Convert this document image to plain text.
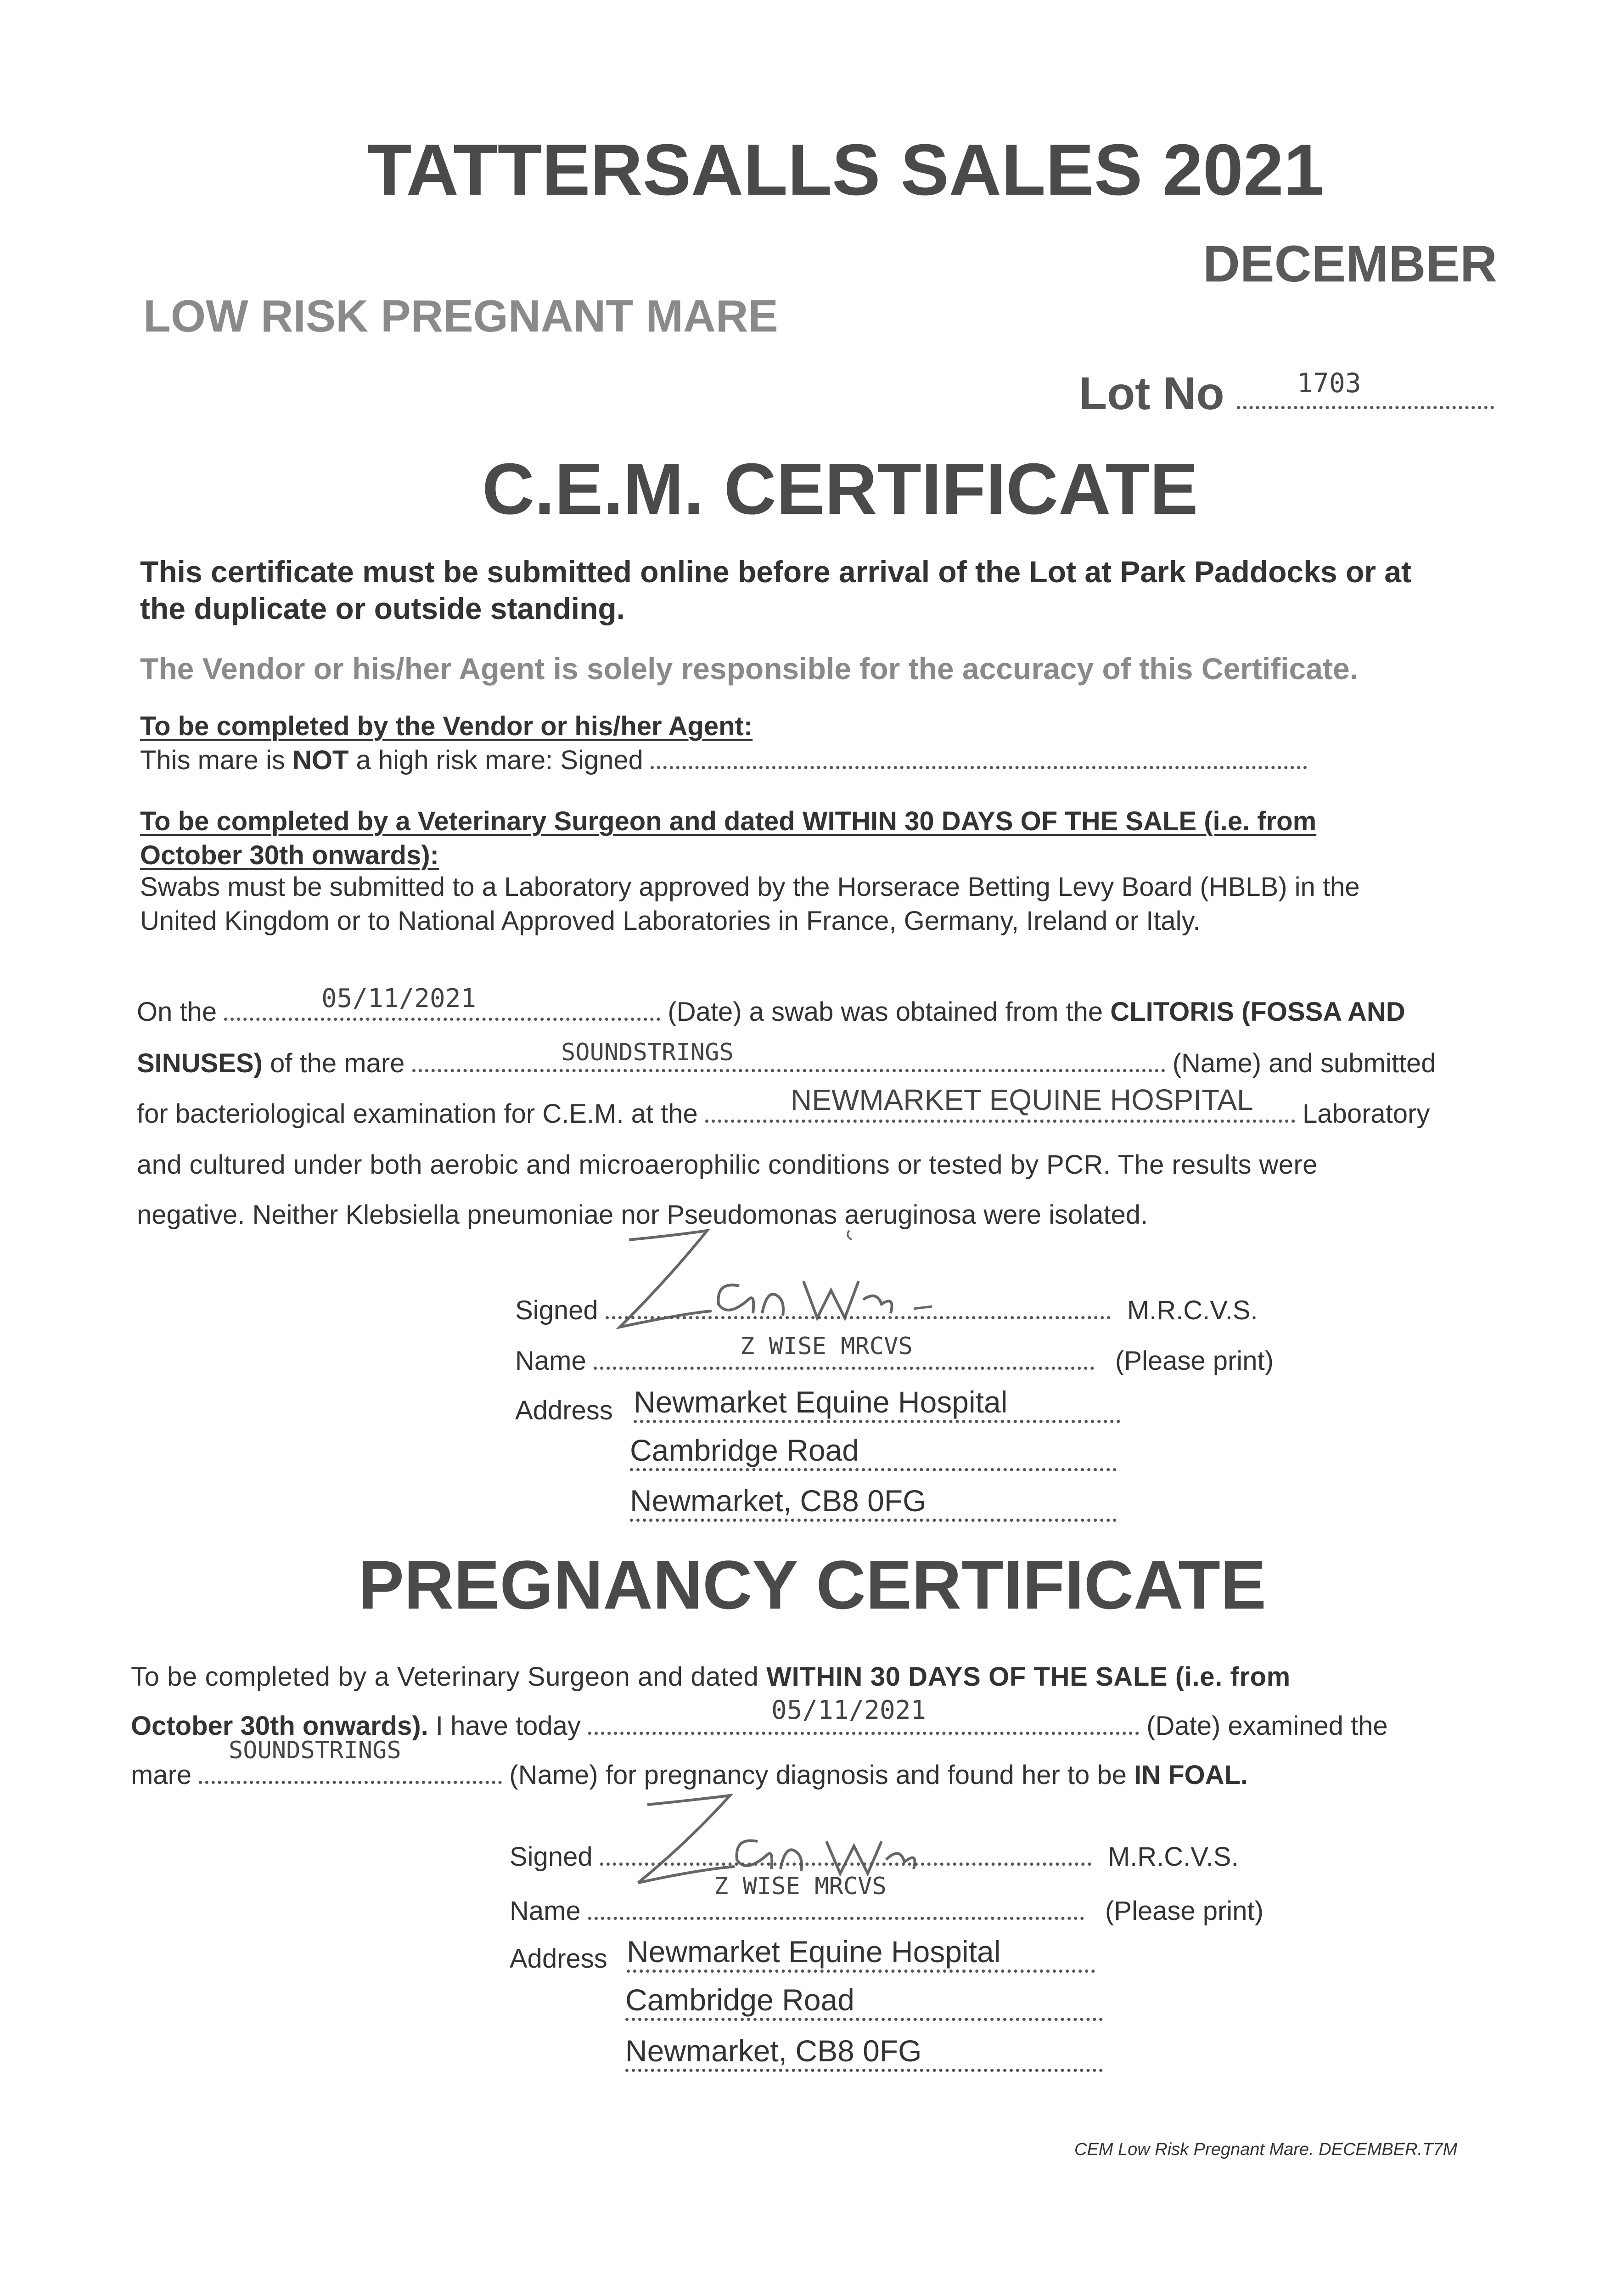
TATTERSALLS SALES 2021
DECEMBER
LOW RISK PREGNANT MARE
Lot No	1703
C.E.M. CERTIFICATE
This certificate must be submitted online before arrival of the Lot at Park Paddocks or at
the duplicate or outside standing.
The Vendor or his/her Agent is solely responsible for the accuracy of this Certificate.
To be completed by the Vendor or his/her Agent:
This mare is NOT a high risk mare: Signed
To be completed by a Veterinary Surgeon and dated WITHIN 30 DAYS OF THE SALE (i.e. from
October 30th onwards):
Swabs must be submitted to a Laboratory approved by the Horserace Betting Levy Board (HBLB) in the
United Kingdom or to National Approved Laboratories in France, Germany, Ireland or Italy.
On the	(Date) a swab was obtained from the CLITORIS (FOSSA AND
05/11/2021
SINUSES) of the mare	(Name) and submitted
SOUNDSTRINGS
for bacteriological examination for C.E.M. at the	Laboratory
NEWMARKET EQUINE HOSPITAL
and cultured under both aerobic and microaerophilic conditions or tested by PCR. The results were
negative. Neither Klebsiella pneumoniae nor Pseudomonas aeruginosa were isolated.
Signed	M.R.C.V.S.
Name	(Please print)
Z WISE MRCVS
Address Newmarket Equine Hospital
Cambridge Road
Newmarket, CB8 0FG
PREGNANCY CERTIFICATE
To be completed by a Veterinary Surgeon and dated WITHIN 30 DAYS OF THE SALE (i.e. from
October 30th onwards). I have today	(Date) examined the
05/11/2021
SOUNDSTRINGS
mare	(Name) for pregnancy diagnosis and found her to be IN FOAL.
Signed	M.R.C.V.S.
Z WISE MRCVS
Name	(Please print)
Address Newmarket Equine Hospital
Cambridge Road
Newmarket, CB8 0FG
CEM Low Risk Pregnant Mare. DECEMBER.T7M
